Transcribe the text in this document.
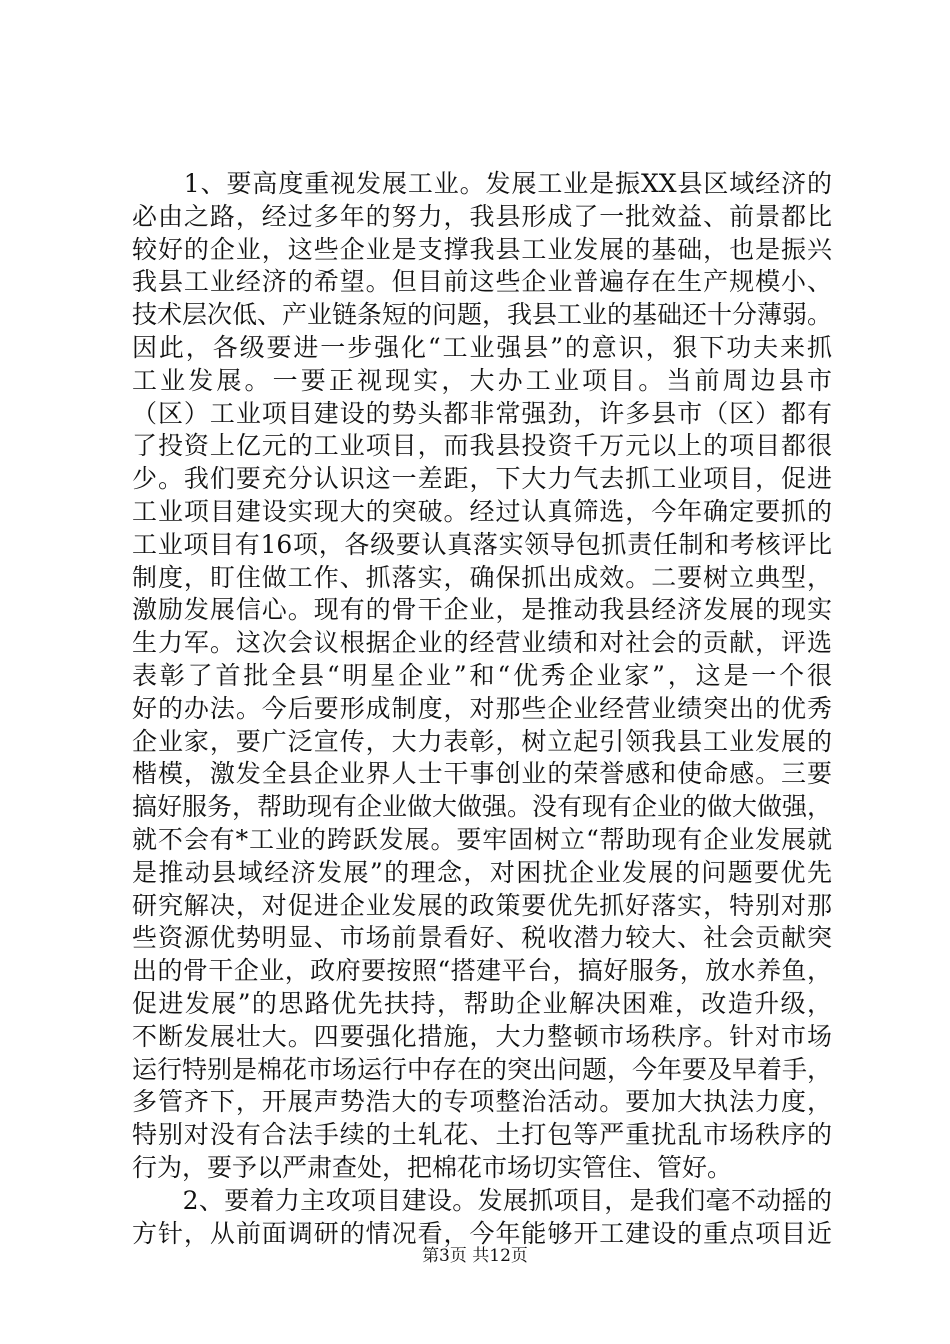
　　1、要高度重视发展工业。发展工业是振XX县区域经济的
必由之路，经过多年的努力，我县形成了一批效益、前景都比
较好的企业，这些企业是支撑我县工业发展的基础，也是振兴
我县工业经济的希望。但目前这些企业普遍存在生产规模小、
技术层次低、产业链条短的问题，我县工业的基础还十分薄弱。
因此，各级要进一步强化“工业强县”的意识，狠下功夫来抓
工业发展。一要正视现实，大办工业项目。当前周边县市
（区）工业项目建设的势头都非常强劲，许多县市（区）都有
了投资上亿元的工业项目，而我县投资千万元以上的项目都很
少。我们要充分认识这一差距，下大力气去抓工业项目，促进
工业项目建设实现大的突破。经过认真筛选，今年确定要抓的
工业项目有16项，各级要认真落实领导包抓责任制和考核评比
制度，盯住做工作、抓落实，确保抓出成效。二要树立典型，
激励发展信心。现有的骨干企业，是推动我县经济发展的现实
生力军。这次会议根据企业的经营业绩和对社会的贡献，评选
表彰了首批全县“明星企业”和“优秀企业家”，这是一个很
好的办法。今后要形成制度，对那些企业经营业绩突出的优秀
企业家，要广泛宣传，大力表彰，树立起引领我县工业发展的
楷模，激发全县企业界人士干事创业的荣誉感和使命感。三要
搞好服务，帮助现有企业做大做强。没有现有企业的做大做强，
就不会有*工业的跨跃发展。要牢固树立“帮助现有企业发展就
是推动县域经济发展”的理念，对困扰企业发展的问题要优先
研究解决，对促进企业发展的政策要优先抓好落实，特别对那
些资源优势明显、市场前景看好、税收潜力较大、社会贡献突
出的骨干企业，政府要按照“搭建平台，搞好服务，放水养鱼，
促进发展”的思路优先扶持，帮助企业解决困难，改造升级，
不断发展壮大。四要强化措施，大力整顿市场秩序。针对市场
运行特别是棉花市场运行中存在的突出问题，今年要及早着手，
多管齐下，开展声势浩大的专项整治活动。要加大执法力度，
特别对没有合法手续的土轧花、土打包等严重扰乱市场秩序的
行为，要予以严肃查处，把棉花市场切实管住、管好。
　　2、要着力主攻项目建设。发展抓项目，是我们毫不动摇的
方针，从前面调研的情况看，今年能够开工建设的重点项目近
第3页 共12页
